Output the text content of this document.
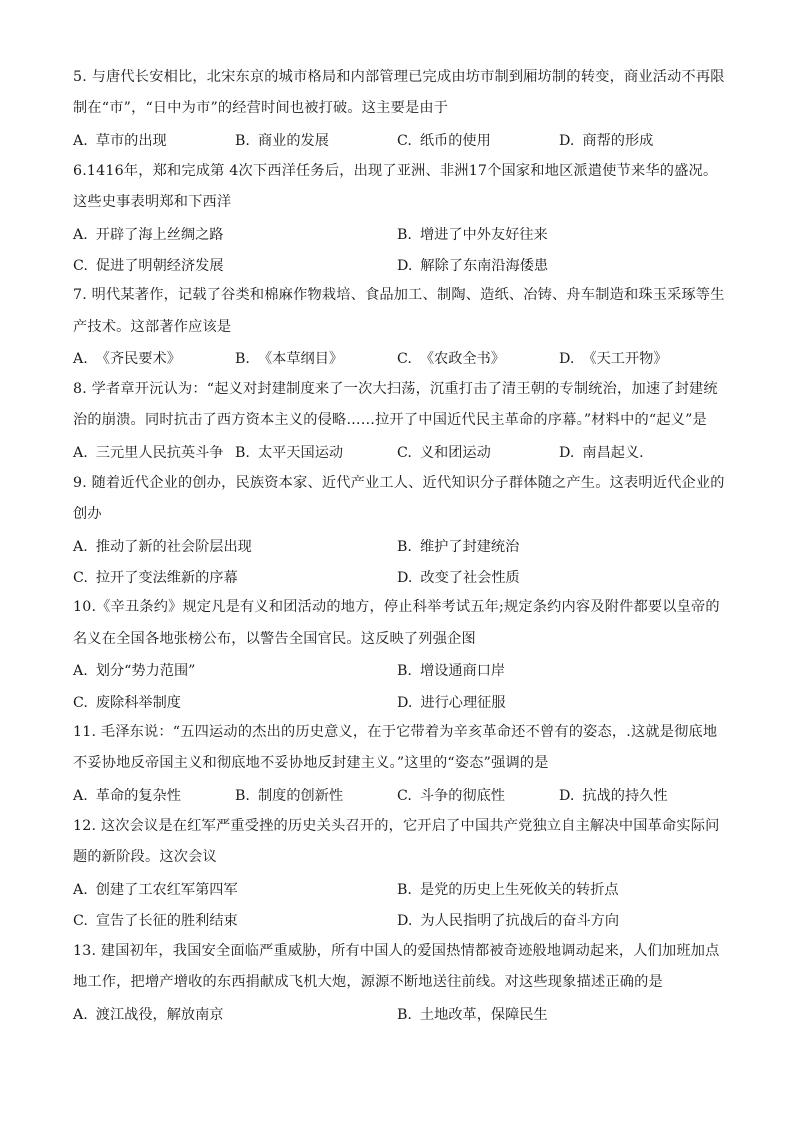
5. 与唐代长安相比，北宋东京的城市格局和内部管理已完成由坊市制到厢坊制的转变，商业活动不再限制在“市”，“日中为市”的经营时间也被打破。这主要是由于

A. 草市的出现	B. 商业的发展	C. 纸币的使用	D. 商帮的形成

6.1416年，郑和完成第 4次下西洋任务后，出现了亚洲、非洲17个国家和地区派遣使节来华的盛况。这些史事表明郑和下西洋

A. 开辟了海上丝绸之路	B. 增进了中外友好往来
C. 促进了明朝经济发展	D. 解除了东南沿海倭患

7. 明代某著作，记载了谷类和棉麻作物栽培、食品加工、制陶、造纸、冶铸、舟车制造和珠玉采琢等生产技术。这部著作应该是

A. 《齐民要术》	B. 《本草纲目》	C. 《农政全书》	D. 《天工开物》

8. 学者章开沅认为：“起义对封建制度来了一次大扫荡，沉重打击了清王朝的专制统治，加速了封建统治的崩溃。同时抗击了西方资本主义的侵略……拉开了中国近代民主革命的序幕。”材料中的“起义”是

A. 三元里人民抗英斗争 B. 太平天国运动	C. 义和团运动	D. 南昌起义.

9. 随着近代企业的创办，民族资本家、近代产业工人、近代知识分子群体随之产生。这表明近代企业的创办

A. 推动了新的社会阶层出现	B. 维护了封建统治
C. 拉开了变法维新的序幕	D. 改变了社会性质

10.《辛丑条约》规定凡是有义和团活动的地方，停止科举考试五年;规定条约内容及附件都要以皇帝的名义在全国各地张榜公布，以警告全国官民。这反映了列强企图

A. 划分“势力范围”	B. 增设通商口岸
C. 废除科举制度	D. 进行心理征服

11. 毛泽东说：“五四运动的杰出的历史意义，在于它带着为辛亥革命还不曾有的姿态，.这就是彻底地不妥协地反帝国主义和彻底地不妥协地反封建主义。”这里的“姿态”强调的是

A. 革命的复杂性	B. 制度的创新性	C. 斗争的彻底性	D. 抗战的持久性

12. 这次会议是在红军严重受挫的历史关头召开的，它开启了中国共产党独立自主解决中国革命实际问题的新阶段。这次会议

A. 创建了工农红军第四军	B. 是党的历史上生死攸关的转折点
C. 宣告了长征的胜利结束	D. 为人民指明了抗战后的奋斗方向

13. 建国初年，我国安全面临严重威胁，所有中国人的爱国热情都被奇迹般地调动起来，人们加班加点地工作，把增产增收的东西捐献成飞机大炮，源源不断地送往前线。对这些现象描述正确的是

A. 渡江战役，解放南京	B. 土地改革，保障民生
